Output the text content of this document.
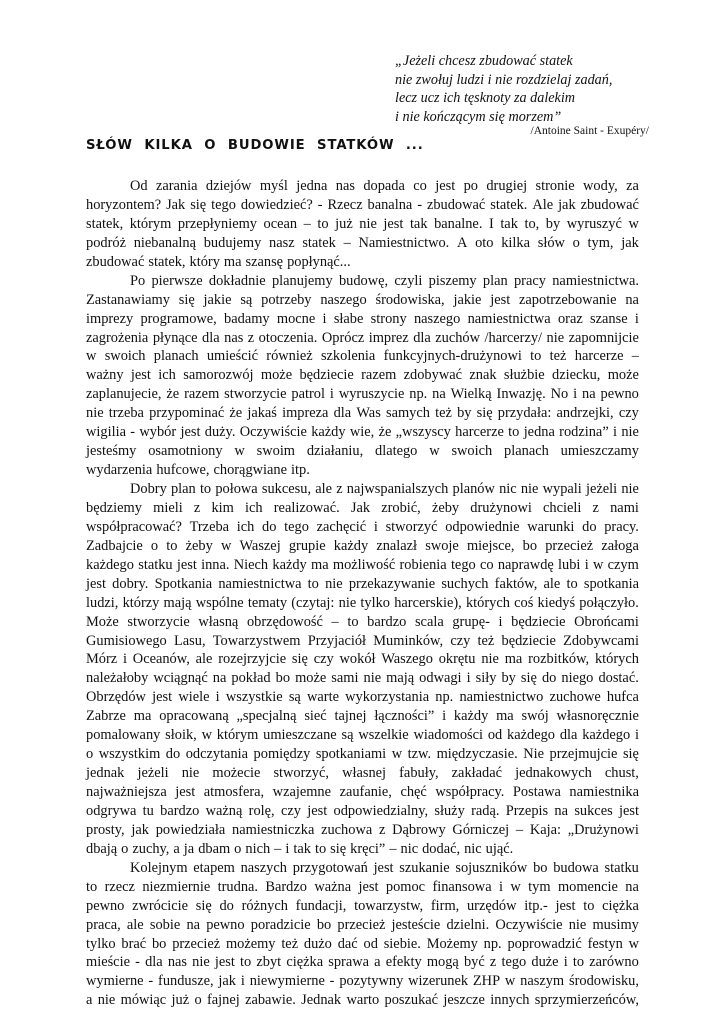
„Jeżeli chcesz zbudować statek
nie zwołuj ludzi i nie rozdzielaj zadań,
lecz ucz ich tęsknoty za dalekim
i nie kończącym się morzem”
/Antoine Saint - Exupéry/
SŁÓW KILKA O BUDOWIE STATKÓW ...
Od zarania dziejów myśl jedna nas dopada co jest po drugiej stronie wody, za
horyzontem? Jak się tego dowiedzieć? - Rzecz banalna - zbudować statek. Ale jak zbudować
statek, którym przepłyniemy ocean – to już nie jest tak banalne. I tak to, by wyruszyć w
podróż niebanalną budujemy nasz statek – Namiestnictwo. A oto kilka słów o tym, jak
zbudować statek, który ma szansę popłynąć...
Po pierwsze dokładnie planujemy budowę, czyli piszemy plan pracy namiestnictwa.
Zastanawiamy się jakie są potrzeby naszego środowiska, jakie jest zapotrzebowanie na
imprezy programowe, badamy mocne i słabe strony naszego namiestnictwa oraz szanse i
zagrożenia płynące dla nas z otoczenia. Oprócz imprez dla zuchów /harcerzy/ nie zapomnijcie
w swoich planach umieścić również szkolenia funkcyjnych-drużynowi to też harcerze –
ważny jest ich samorozwój może będziecie razem zdobywać znak służbie dziecku, może
zaplanujecie, że razem stworzycie patrol i wyruszycie np. na Wielką Inwazję. No i na pewno
nie trzeba przypominać że jakaś impreza dla Was samych też by się przydała: andrzejki, czy
wigilia - wybór jest duży. Oczywiście każdy wie, że „wszyscy harcerze to jedna rodzina” i nie
jesteśmy osamotniony w swoim działaniu, dlatego w swoich planach umieszczamy
wydarzenia hufcowe, chorągwiane itp.
Dobry plan to połowa sukcesu, ale z najwspanialszych planów nic nie wypali jeżeli nie
będziemy mieli z kim ich realizować. Jak zrobić, żeby drużynowi chcieli z nami
współpracować? Trzeba ich do tego zachęcić i stworzyć odpowiednie warunki do pracy.
Zadbajcie o to żeby w Waszej grupie każdy znalazł swoje miejsce, bo przecież załoga
każdego statku jest inna. Niech każdy ma możliwość robienia tego co naprawdę lubi i w czym
jest dobry. Spotkania namiestnictwa to nie przekazywanie suchych faktów, ale to spotkania
ludzi, którzy mają wspólne tematy (czytaj: nie tylko harcerskie), których coś kiedyś połączyło.
Może stworzycie własną obrzędowość – to bardzo scala grupę- i będziecie Obrońcami
Gumisiowego Lasu, Towarzystwem Przyjaciół Muminków, czy też będziecie Zdobywcami
Mórz i Oceanów, ale rozejrzyjcie się czy wokół Waszego okrętu nie ma rozbitków, których
należałoby wciągnąć na pokład bo może sami nie mają odwagi i siły by się do niego dostać.
Obrzędów jest wiele i wszystkie są warte wykorzystania np. namiestnictwo zuchowe hufca
Zabrze ma opracowaną „specjalną sieć tajnej łączności” i każdy ma swój własnoręcznie
pomalowany słoik, w którym umieszczane są wszelkie wiadomości od każdego dla każdego i
o wszystkim do odczytania pomiędzy spotkaniami w tzw. międzyczasie. Nie przejmujcie się
jednak jeżeli nie możecie stworzyć, własnej fabuły, zakładać jednakowych chust,
najważniejsza jest atmosfera, wzajemne zaufanie, chęć współpracy. Postawa namiestnika
odgrywa tu bardzo ważną rolę, czy jest odpowiedzialny, służy radą. Przepis na sukces jest
prosty, jak powiedziała namiestniczka zuchowa z Dąbrowy Górniczej – Kaja: „Drużynowi
dbają o zuchy, a ja dbam o nich – i tak to się kręci” – nic dodać, nic ująć.
Kolejnym etapem naszych przygotowań jest szukanie sojuszników bo budowa statku
to rzecz niezmiernie trudna. Bardzo ważna jest pomoc finansowa i w tym momencie na
pewno zwrócicie się do różnych fundacji, towarzystw, firm, urzędów itp.- jest to ciężka
praca, ale sobie na pewno poradzicie bo przecież jesteście dzielni. Oczywiście nie musimy
tylko brać bo przecież możemy też dużo dać od siebie. Możemy np. poprowadzić festyn w
mieście - dla nas nie jest to zbyt ciężka sprawa a efekty mogą być z tego duże i to zarówno
wymierne - fundusze, jak i niewymierne - pozytywny wizerunek ZHP w naszym środowisku,
a nie mówiąc już o fajnej zabawie. Jednak warto poszukać jeszcze innych sprzymierzeńców,
